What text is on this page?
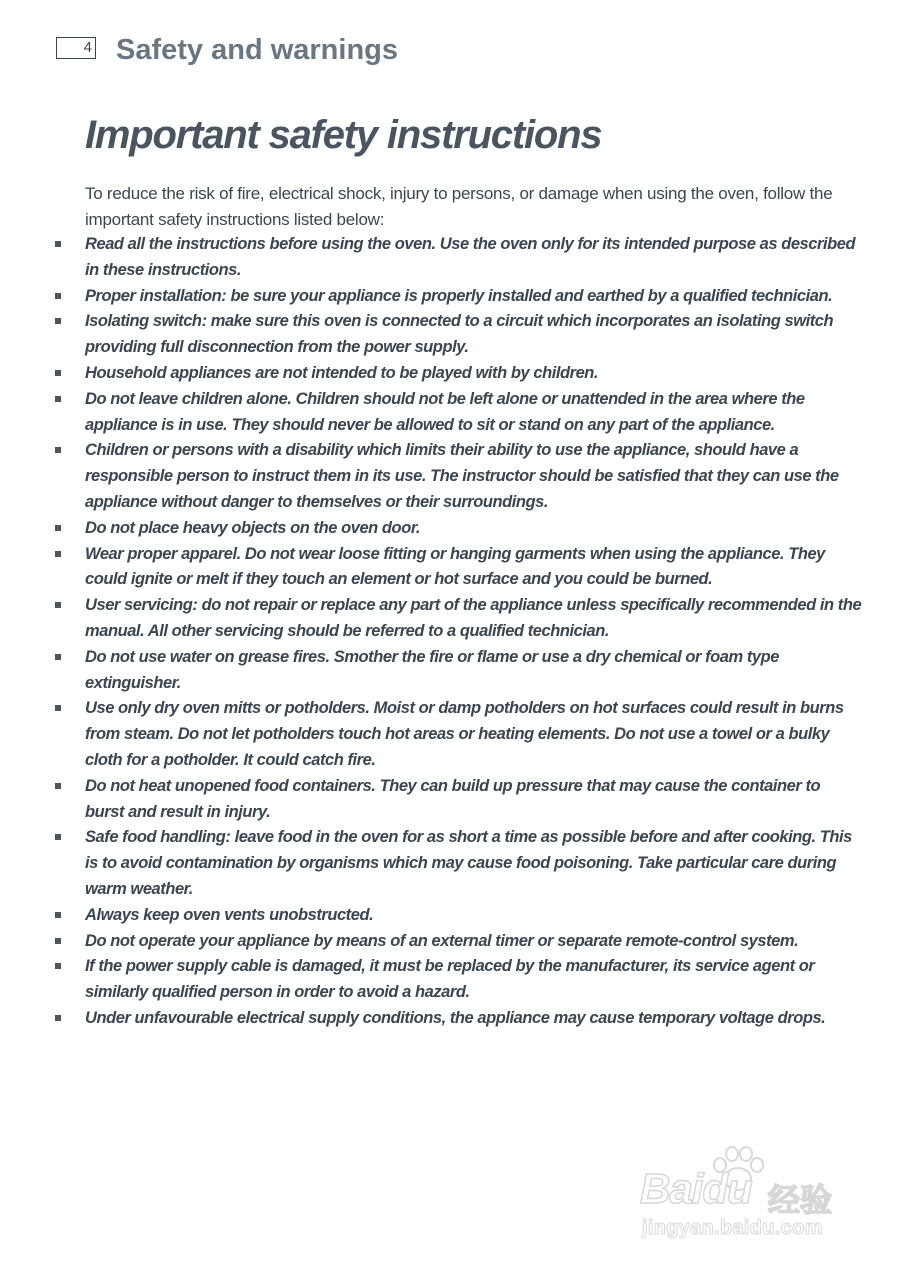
4 Safety and warnings
Important safety instructions

To reduce the risk of fire, electrical shock, injury to persons, or damage when using the oven, follow the important safety instructions listed below:

Read all the instructions before using the oven. Use the oven only for its intended purpose as described in these instructions.
Proper installation: be sure your appliance is properly installed and earthed by a qualified technician.
Isolating switch: make sure this oven is connected to a circuit which incorporates an isolating switch providing full disconnection from the power supply.
Household appliances are not intended to be played with by children.
Do not leave children alone. Children should not be left alone or unattended in the area where the appliance is in use. They should never be allowed to sit or stand on any part of the appliance.
Children or persons with a disability which limits their ability to use the appliance, should have a responsible person to instruct them in its use. The instructor should be satisfied that they can use the appliance without danger to themselves or their surroundings.
Do not place heavy objects on the oven door.
Wear proper apparel. Do not wear loose fitting or hanging garments when using the appliance. They could ignite or melt if they touch an element or hot surface and you could be burned.
User servicing: do not repair or replace any part of the appliance unless specifically recommended in the manual. All other servicing should be referred to a qualified technician.
Do not use water on grease fires. Smother the fire or flame or use a dry chemical or foam type extinguisher.
Use only dry oven mitts or potholders. Moist or damp potholders on hot surfaces could result in burns from steam. Do not let potholders touch hot areas or heating elements. Do not use a towel or a bulky cloth for a potholder. It could catch fire.
Do not heat unopened food containers. They can build up pressure that may cause the container to burst and result in injury.
Safe food handling: leave food in the oven for as short a time as possible before and after cooking. This is to avoid contamination by organisms which may cause food poisoning. Take particular care during warm weather.
Always keep oven vents unobstructed.
Do not operate your appliance by means of an external timer or separate remote-control system.
If the power supply cable is damaged, it must be replaced by the manufacturer, its service agent or similarly qualified person in order to avoid a hazard.
Under unfavourable electrical supply conditions, the appliance may cause temporary voltage drops.
Baidu 经验
jingyan.baidu.com
